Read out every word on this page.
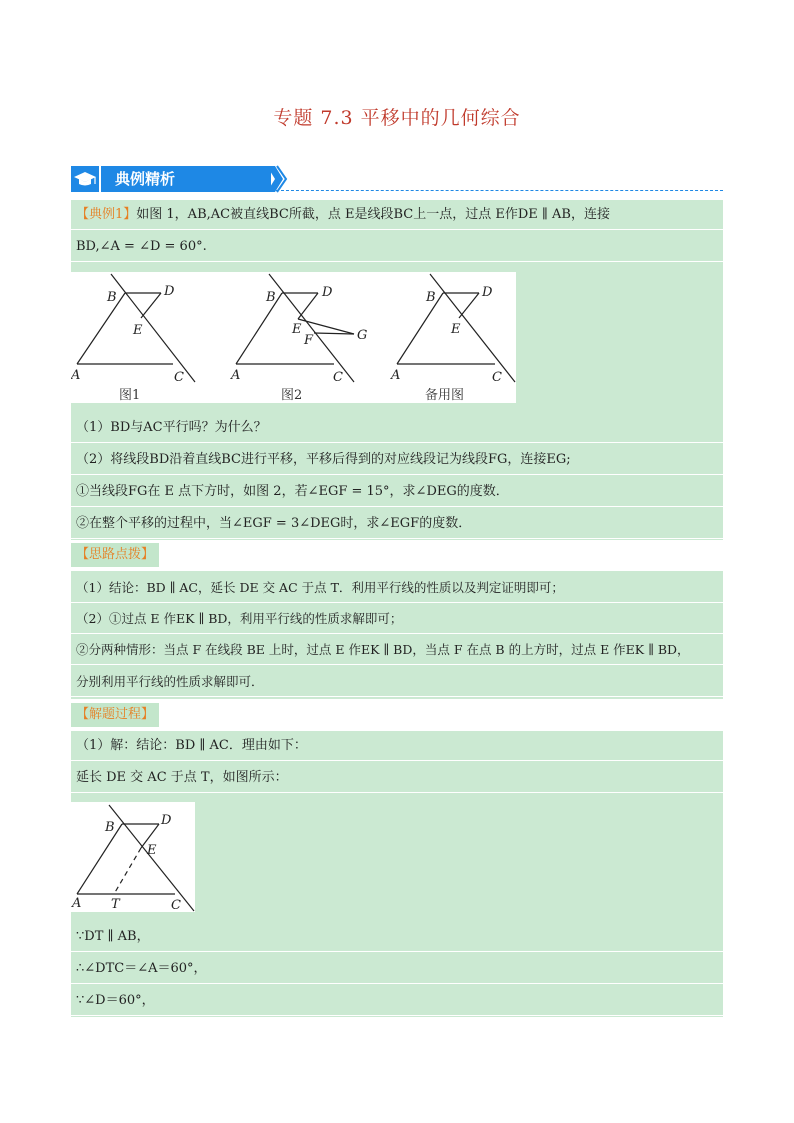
专题 7.3 平移中的几何综合
典例精析
【典例1】如图 1，AB,AC被直线BC所截，点 E是线段BC上一点，过点 E作DE ∥ AB，连接
BD,∠A = ∠D = 60°.
B	D
E
A	C
图1
B	D
E
F	G
A	C
图2
B	D
E
A	C
备用图
（1）BD与AC平行吗？为什么？
（2）将线段BD沿着直线BC进行平移，平移后得到的对应线段记为线段FG，连接EG;
①当线段FG在 E 点下方时，如图 2，若∠EGF = 15°，求∠DEG的度数．
②在整个平移的过程中，当∠EGF = 3∠DEG时，求∠EGF的度数．
【思路点拨】
（1）结论：BD ∥ AC，延长 DE 交 AC 于点 T．利用平行线的性质以及判定证明即可；
（2）①过点 E 作EK ∥ BD，利用平行线的性质求解即可；
②分两种情形：当点 F 在线段 BE 上时，过点 E 作EK ∥ BD，当点 F 在点 B 的上方时，过点 E 作EK ∥ BD，
分别利用平行线的性质求解即可．
【解题过程】
（1）解：结论：BD ∥ AC．理由如下：
延长 DE 交 AC 于点 T，如图所示：
B	D
E
A T	C
∵DT ∥ AB，
∴∠DTC＝∠A＝60°，
∵∠D＝60°，
